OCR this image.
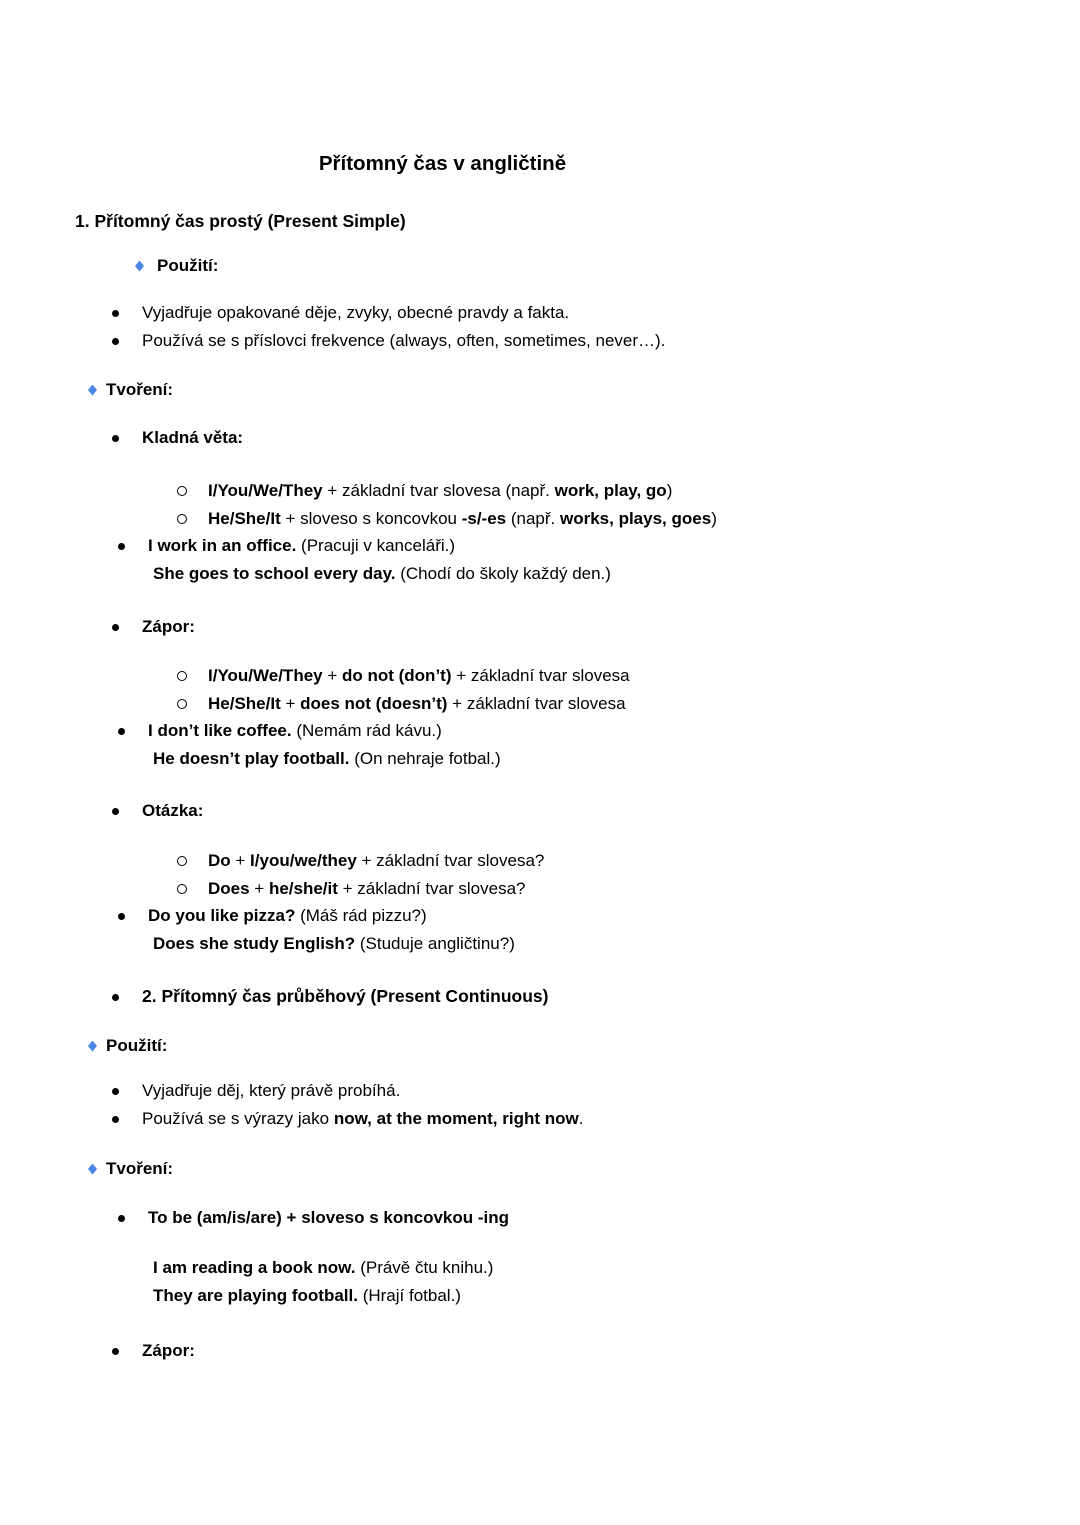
Přítomný čas v angličtině
1. Přítomný čas prostý (Present Simple)
Použití:
Vyjadřuje opakované děje, zvyky, obecné pravdy a fakta.
Používá se s příslovci frekvence (always, often, sometimes, never…).
Tvoření:
Kladná věta:
I/You/We/They + základní tvar slovesa (např. work, play, go)
He/She/It + sloveso s koncovkou -s/-es (např. works, plays, goes)
I work in an office. (Pracuji v kanceláři.)
She goes to school every day. (Chodí do školy každý den.)
Zápor:
I/You/We/They + do not (don’t) + základní tvar slovesa
He/She/It + does not (doesn’t) + základní tvar slovesa
I don’t like coffee. (Nemám rád kávu.)
He doesn’t play football. (On nehraje fotbal.)
Otázka:
Do + I/you/we/they + základní tvar slovesa?
Does + he/she/it + základní tvar slovesa?
Do you like pizza? (Máš rád pizzu?)
Does she study English? (Studuje angličtinu?)
2. Přítomný čas průběhový (Present Continuous)
Použití:
Vyjadřuje děj, který právě probíhá.
Používá se s výrazy jako now, at the moment, right now.
Tvoření:
To be (am/is/are) + sloveso s koncovkou -ing
I am reading a book now. (Právě čtu knihu.)
They are playing football. (Hrají fotbal.)
Zápor:
